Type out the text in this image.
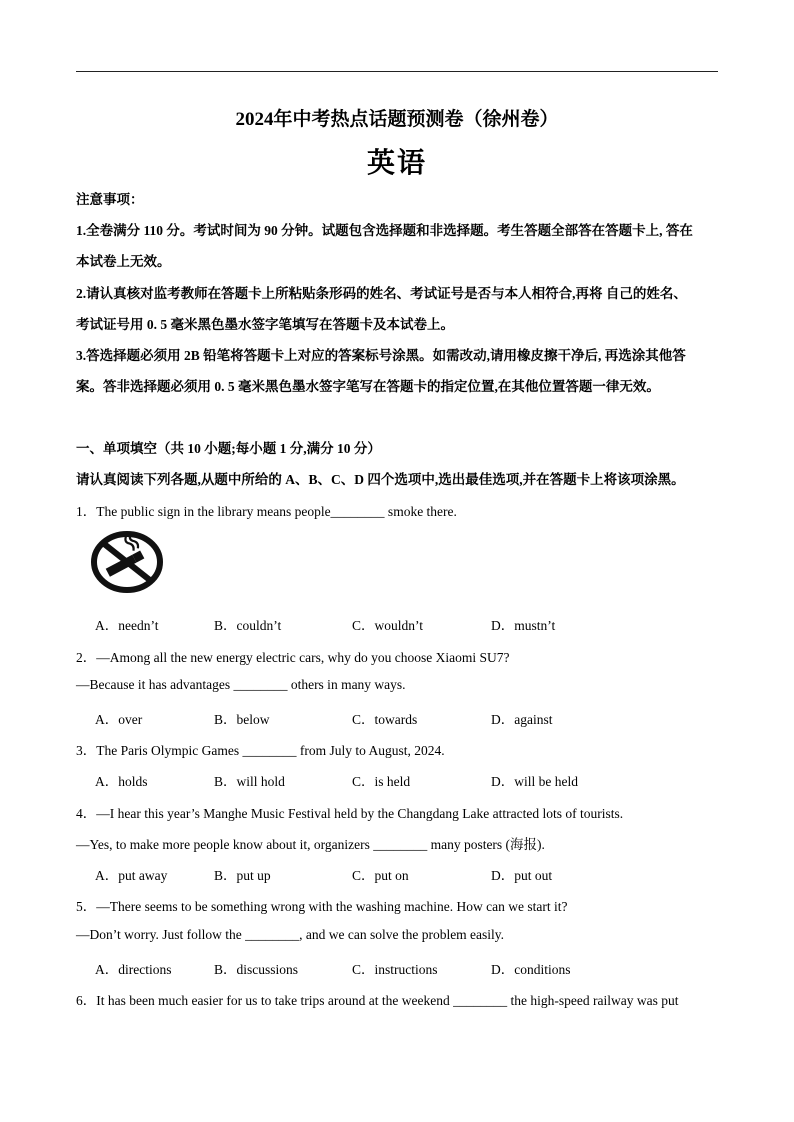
2024年中考热点话题预测卷（徐州卷）
英语
注意事项：
1.全卷满分 110 分。考试时间为 90 分钟。试题包含选择题和非选择题。考生答题全部答在答题卡上, 答在
本试卷上无效。
2.请认真核对监考教师在答题卡上所粘贴条形码的姓名、考试证号是否与本人相符合,再将 自己的姓名、
考试证号用 0. 5 毫米黑色墨水签字笔填写在答题卡及本试卷上。
3.答选择题必须用 2B 铅笔将答题卡上对应的答案标号涂黑。如需改动,请用橡皮擦干净后, 再选涂其他答
案。答非选择题必须用 0. 5 毫米黑色墨水签字笔写在答题卡的指定位置,在其他位置答题一律无效。
一、单项填空（共 10 小题;每小题 1 分,满分 10 分）
请认真阅读下列各题,从题中所给的 A、B、C、D 四个选项中,选出最佳选项,并在答题卡上将该项涂黑。
1．The public sign in the library means people________ smoke there.
A．needn’t	B．couldn’t	C．wouldn’t	D．mustn’t
2．—Among all the new energy electric cars, why do you choose Xiaomi SU7?
—Because it has advantages ________ others in many ways.
A．over	B．below	C．towards	D．against
3．The Paris Olympic Games ________ from July to August, 2024.
A．holds	B．will hold	C．is held	D．will be held
4．—I hear this year’s Manghe Music Festival held by the Changdang Lake attracted lots of tourists.
—Yes, to make more people know about it, organizers ________ many posters (海报).
A．put away	B．put up	C．put on	D．put out
5．—There seems to be something wrong with the washing machine. How can we start it?
—Don’t worry. Just follow the ________, and we can solve the problem easily.
A．directions	B．discussions	C．instructions	D．conditions
6．It has been much easier for us to take trips around at the weekend ________ the high-speed railway was put
